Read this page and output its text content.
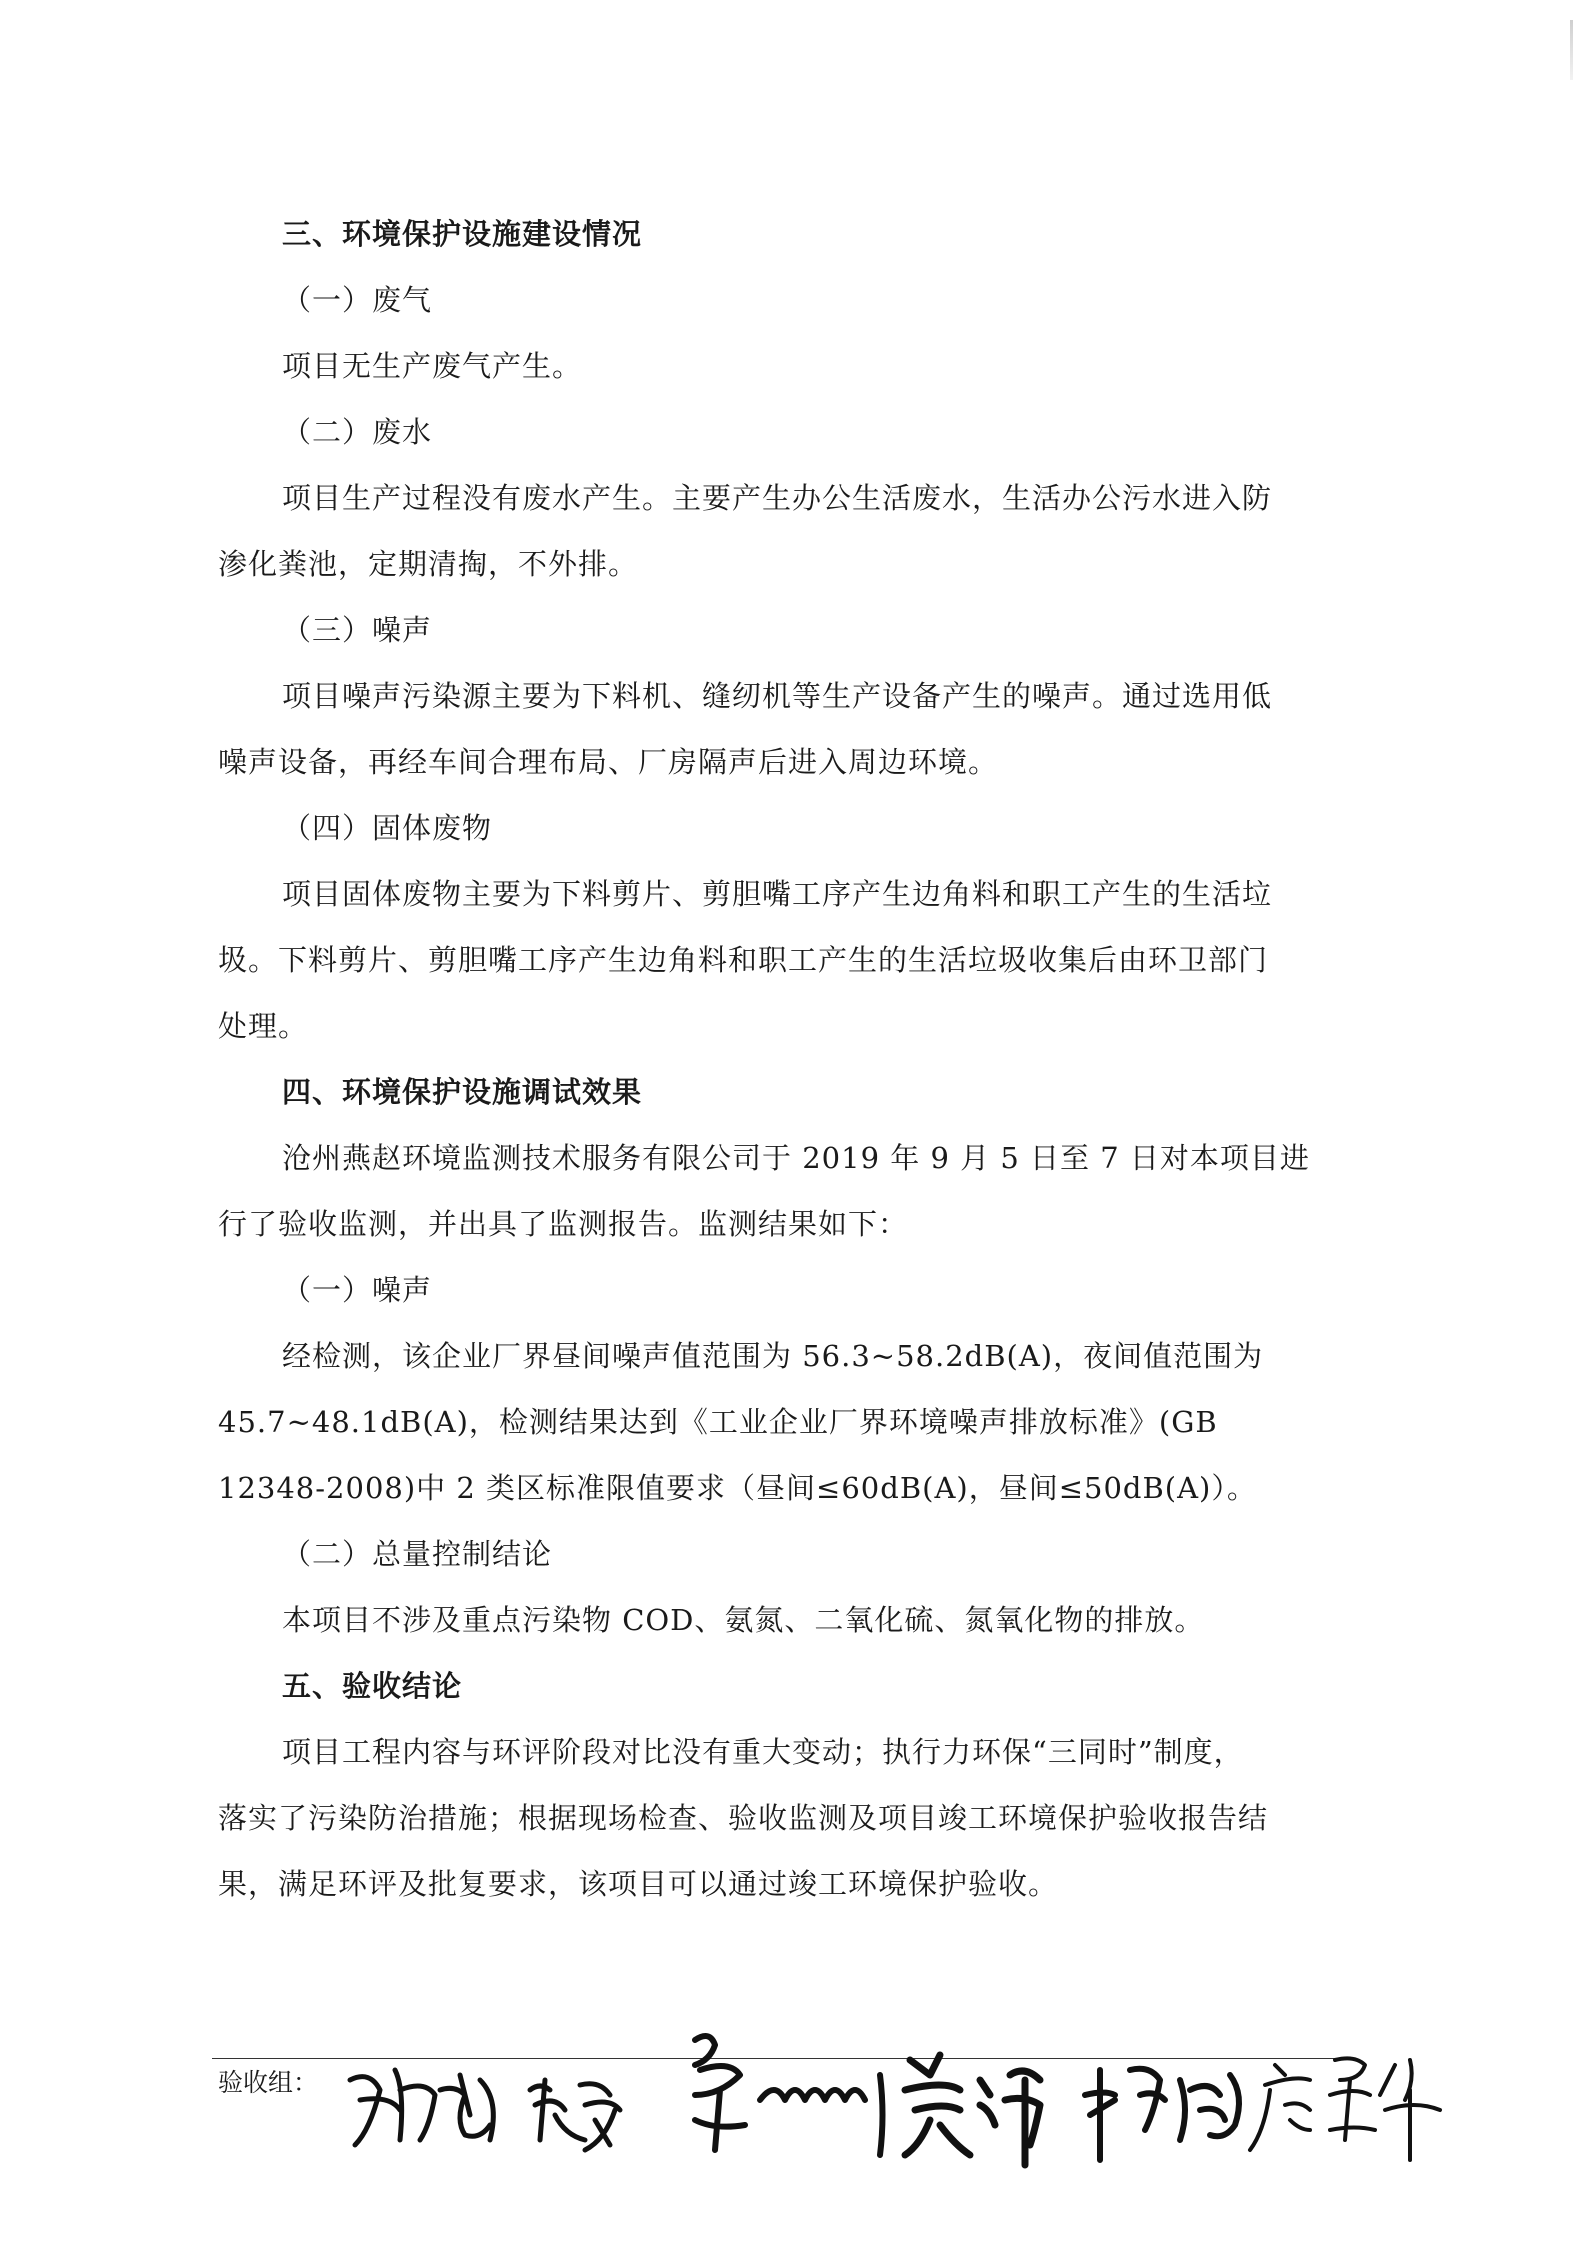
三、环境保护设施建设情况
（一）废气
项目无生产废气产生。
（二）废水
项目生产过程没有废水产生。主要产生办公生活废水，生活办公污水进入防
渗化粪池，定期清掏，不外排。
（三）噪声
项目噪声污染源主要为下料机、缝纫机等生产设备产生的噪声。通过选用低
噪声设备，再经车间合理布局、厂房隔声后进入周边环境。
（四）固体废物
项目固体废物主要为下料剪片、剪胆嘴工序产生边角料和职工产生的生活垃
圾。下料剪片、剪胆嘴工序产生边角料和职工产生的生活垃圾收集后由环卫部门
处理。
四、环境保护设施调试效果
沧州燕赵环境监测技术服务有限公司于 2019 年 9 月 5 日至 7 日对本项目进
行了验收监测，并出具了监测报告。监测结果如下：
（一）噪声
经检测，该企业厂界昼间噪声值范围为 56.3~58.2dB(A)，夜间值范围为
45.7~48.1dB(A)，检测结果达到《工业企业厂界环境噪声排放标准》(GB
12348-2008)中 2 类区标准限值要求（昼间≤60dB(A)，昼间≤50dB(A)）。
（二）总量控制结论
本项目不涉及重点污染物 COD、氨氮、二氧化硫、氮氧化物的排放。
五、验收结论
项目工程内容与环评阶段对比没有重大变动；执行力环保“三同时”制度，
落实了污染防治措施；根据现场检查、验收监测及项目竣工环境保护验收报告结
果，满足环评及批复要求，该项目可以通过竣工环境保护验收。
验收组：
